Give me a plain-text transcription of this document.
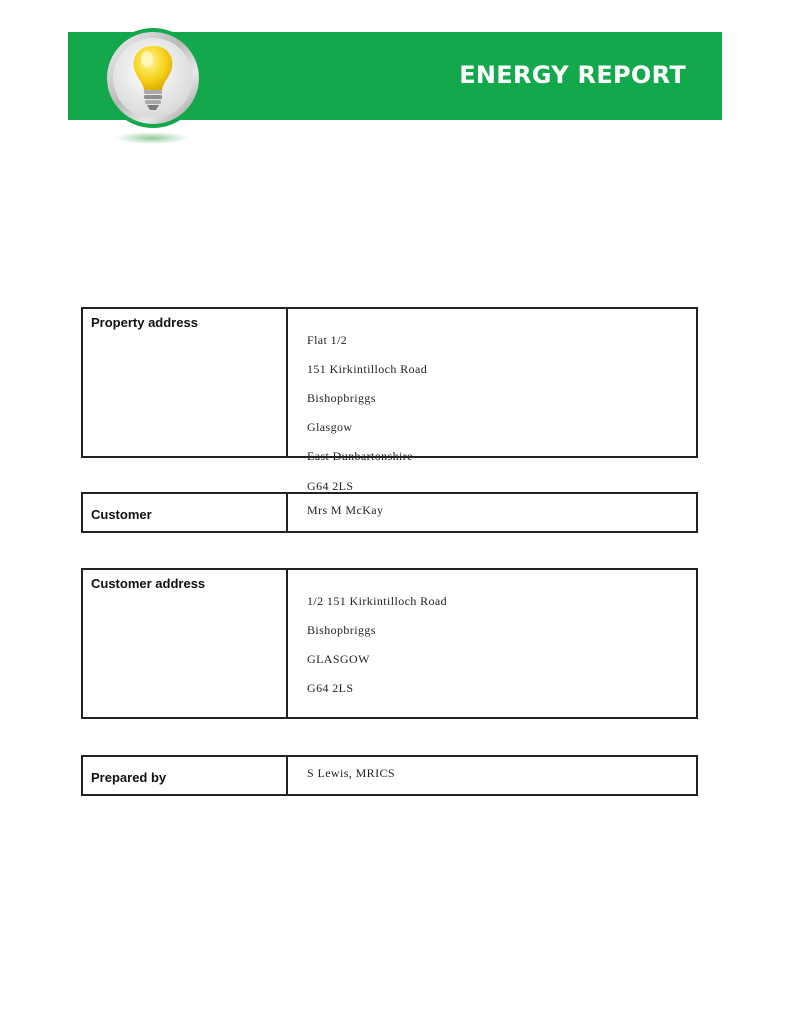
ENERGY REPORT
Property address

Flat 1/2

151 Kirkintilloch Road

Bishopbriggs

Glasgow

East Dunbartonshire

G64 2LS

Customer	Mrs M McKay
Customer address

1/2 151 Kirkintilloch Road

Bishopbriggs

GLASGOW

G64 2LS

Prepared by	S Lewis, MRICS
